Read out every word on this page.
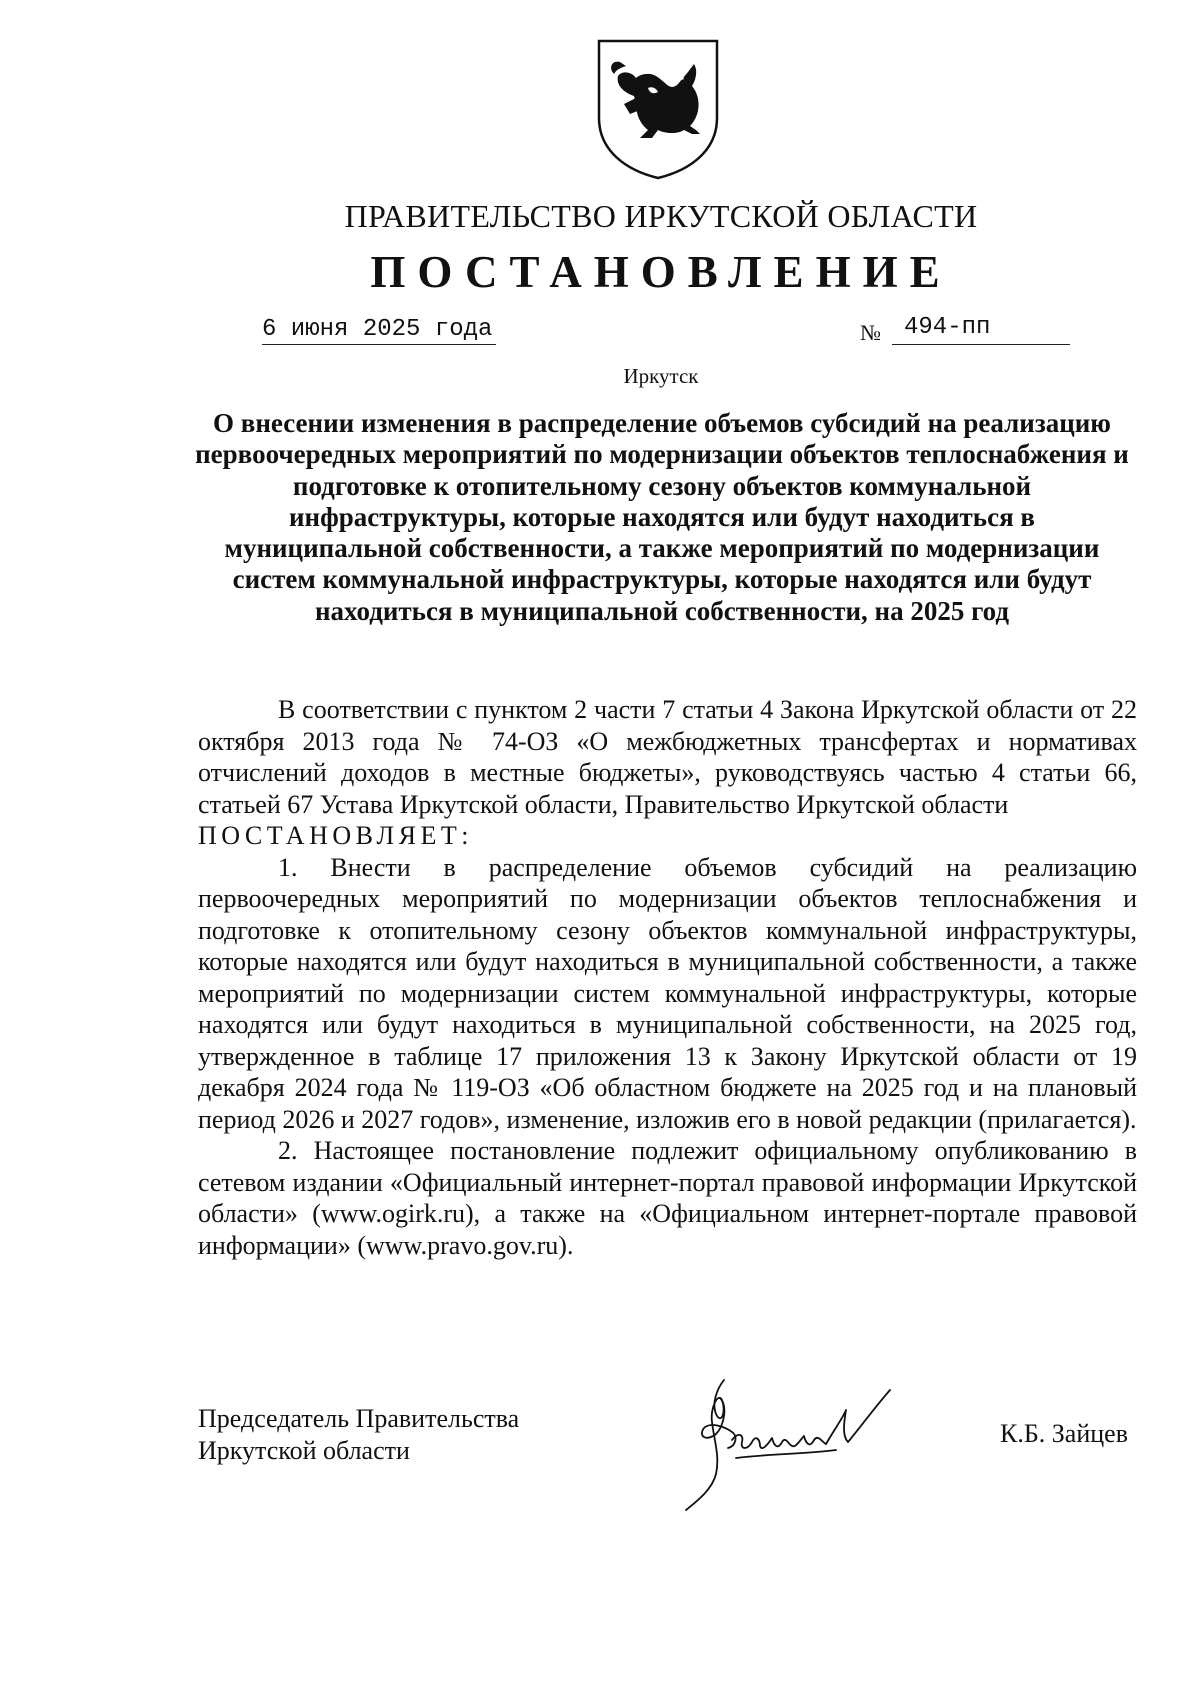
ПРАВИТЕЛЬСТВО ИРКУТСКОЙ ОБЛАСТИ
ПОСТАНОВЛЕНИЕ
6 июня 2025 года	№ 494-пп
Иркутск
О внесении изменения в распределение объемов субсидий на реализацию первоочередных мероприятий по модернизации объектов теплоснабжения и подготовке к отопительному сезону объектов коммунальной инфраструктуры, которые находятся или будут находиться в муниципальной собственности, а также мероприятий по модернизации систем коммунальной инфраструктуры, которые находятся или будут находиться в муниципальной собственности, на 2025 год

В соответствии с пунктом 2 части 7 статьи 4 Закона Иркутской области от 22 октября 2013 года № 74-ОЗ «О межбюджетных трансфертах и нормативах отчислений доходов в местные бюджеты», руководствуясь частью 4 статьи 66, статьей 67 Устава Иркутской области, Правительство Иркутской области

ПОСТАНОВЛЯЕТ:

1. Внести в распределение объемов субсидий на реализацию первоочередных мероприятий по модернизации объектов теплоснабжения и подготовке к отопительному сезону объектов коммунальной инфраструктуры, которые находятся или будут находиться в муниципальной собственности, а также мероприятий по модернизации систем коммунальной инфраструктуры, которые находятся или будут находиться в муниципальной собственности, на 2025 год, утвержденное в таблице 17 приложения 13 к Закону Иркутской области от 19 декабря 2024 года № 119-ОЗ «Об областном бюджете на 2025 год и на плановый период 2026 и 2027 годов», изменение, изложив его в новой редакции (прилагается).

2. Настоящее постановление подлежит официальному опубликованию в сетевом издании «Официальный интернет-портал правовой информации Иркутской области» (www.ogirk.ru), а также на «Официальном интернет-портале правовой информации» (www.pravo.gov.ru).

Председатель Правительства
Иркутской области
К.Б. Зайцев
